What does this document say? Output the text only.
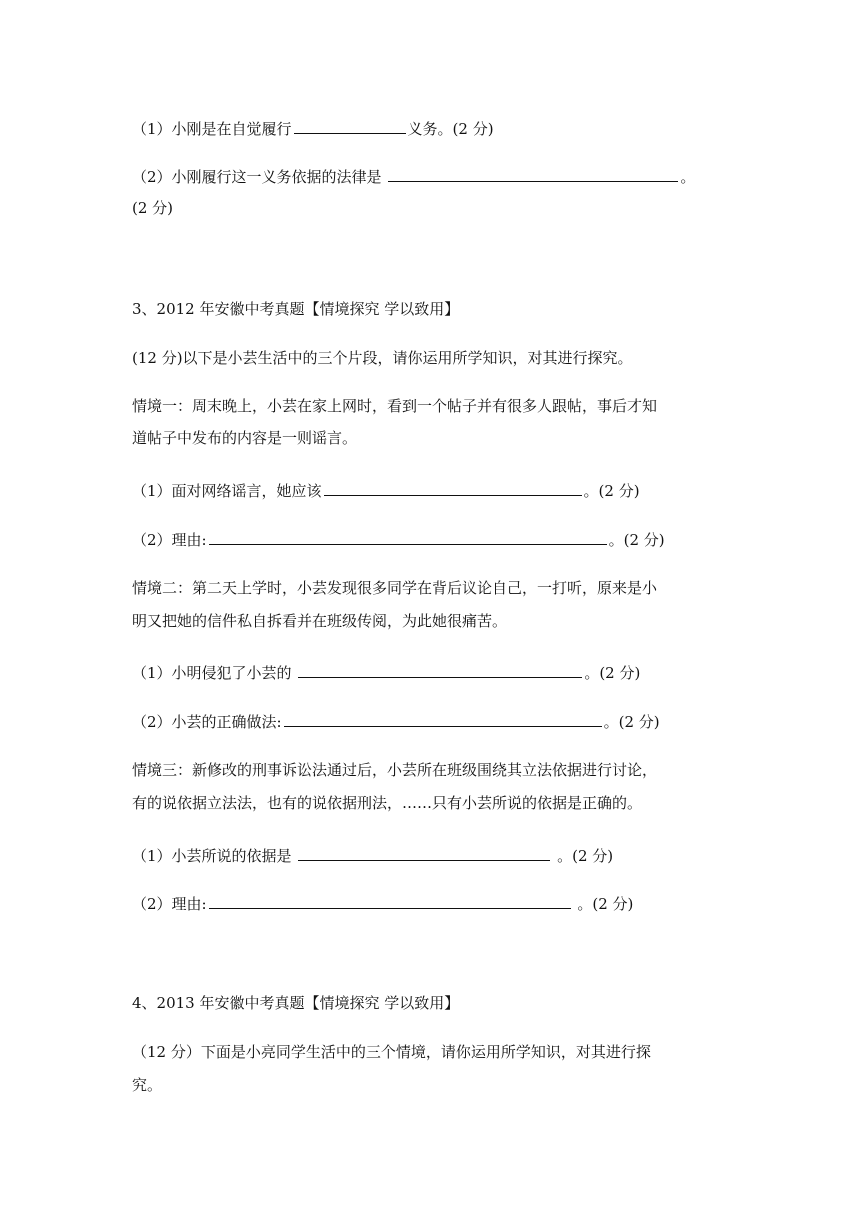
（1）小刚是在自觉履行	义务。(2 分)
（2）小刚履行这一义务依据的法律是	。
(2 分)
3、2012 年安徽中考真题【情境探究 学以致用】
(12 分)以下是小芸生活中的三个片段，请你运用所学知识，对其进行探究。
情境一：周末晚上，小芸在家上网时，看到一个帖子并有很多人跟帖，事后才知
道帖子中发布的内容是一则谣言。
（1）面对网络谣言，她应该	。(2 分)
（2）理由:	。(2 分)
情境二：第二天上学时，小芸发现很多同学在背后议论自己，一打听，原来是小
明又把她的信件私自拆看并在班级传阅，为此她很痛苦。
（1）小明侵犯了小芸的	。(2 分)
（2）小芸的正确做法:	。(2 分)
情境三：新修改的刑事诉讼法通过后，小芸所在班级围绕其立法依据进行讨论，
有的说依据立法法，也有的说依据刑法，……只有小芸所说的依据是正确的。
（1）小芸所说的依据是	。(2 分)
（2）理由:	。(2 分)
4、2013 年安徽中考真题【情境探究 学以致用】
（12 分）下面是小亮同学生活中的三个情境，请你运用所学知识，对其进行探
究。
